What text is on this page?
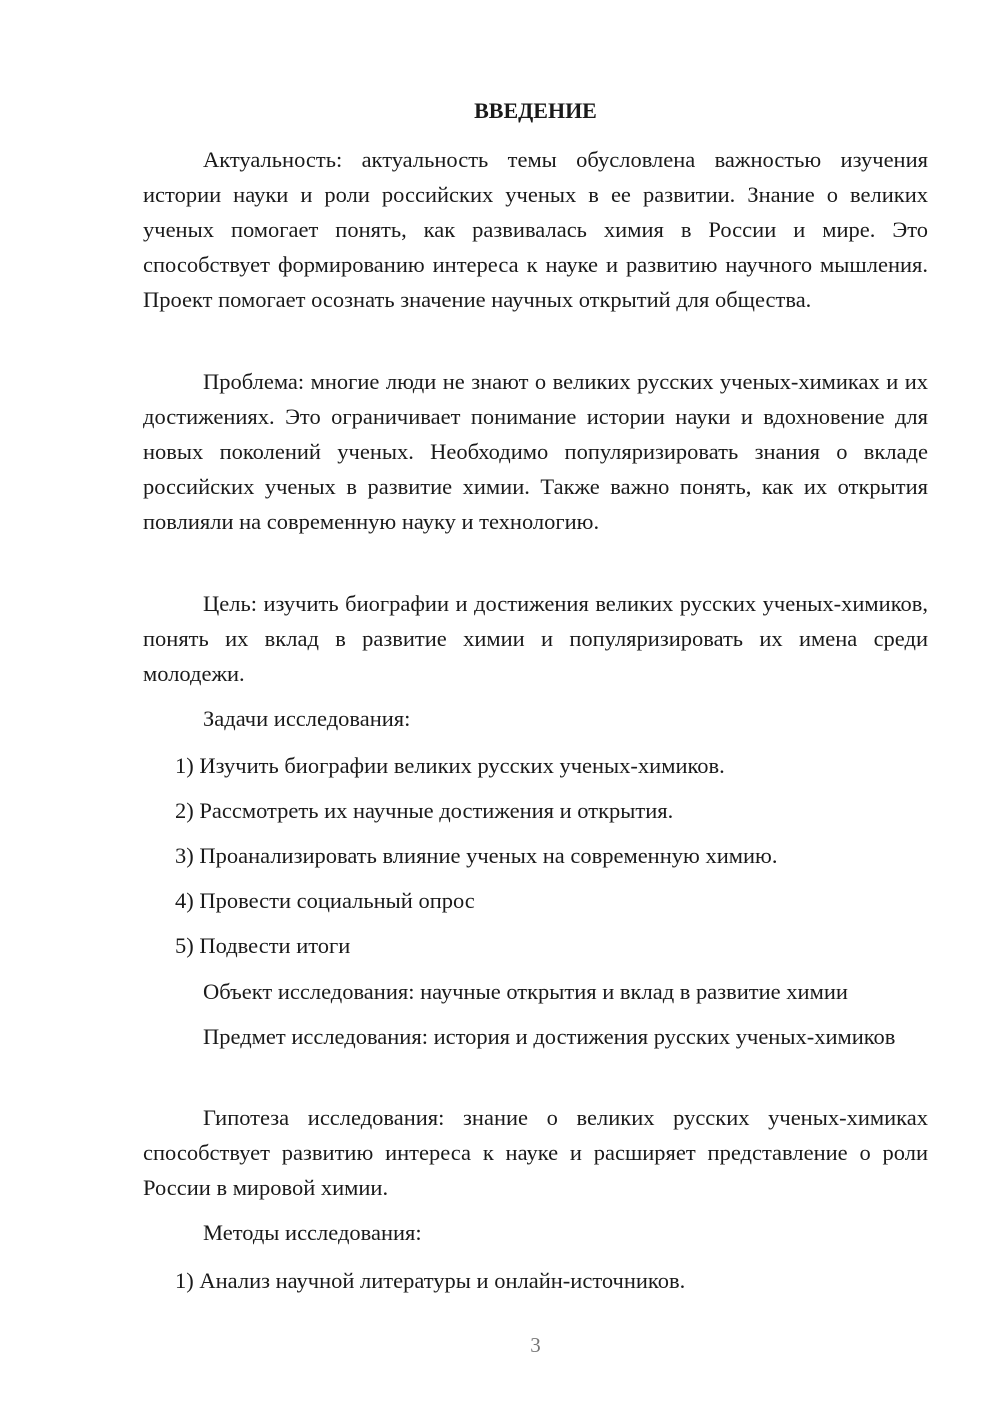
ВВЕДЕНИЕ

Актуальность: актуальность темы обусловлена важностью изучения истории науки и роли российских ученых в ее развитии. Знание о великих ученых помогает понять, как развивалась химия в России и мире. Это способствует формированию интереса к науке и развитию научного мышления. Проект помогает осознать значение научных открытий для общества.

Проблема: многие люди не знают о великих русских ученых-химиках и их достижениях. Это ограничивает понимание истории науки и вдохновение для новых поколений ученых. Необходимо популяризировать знания о вкладе российских ученых в развитие химии. Также важно понять, как их открытия повлияли на современную науку и технологию.

Цель: изучить биографии и достижения великих русских ученых-химиков, понять их вклад в развитие химии и популяризировать их имена среди молодежи.

Задачи исследования:

1) Изучить биографии великих русских ученых-химиков.

2) Рассмотреть их научные достижения и открытия.

3) Проанализировать влияние ученых на современную химию.

4) Провести социальный опрос

5) Подвести итоги

Объект исследования: научные открытия и вклад в развитие химии

Предмет исследования: история и достижения русских ученых-химиков

Гипотеза исследования: знание о великих русских ученых-химиках способствует развитию интереса к науке и расширяет представление о роли России в мировой химии.

Методы исследования:

1) Анализ научной литературы и онлайн-источников.

3
